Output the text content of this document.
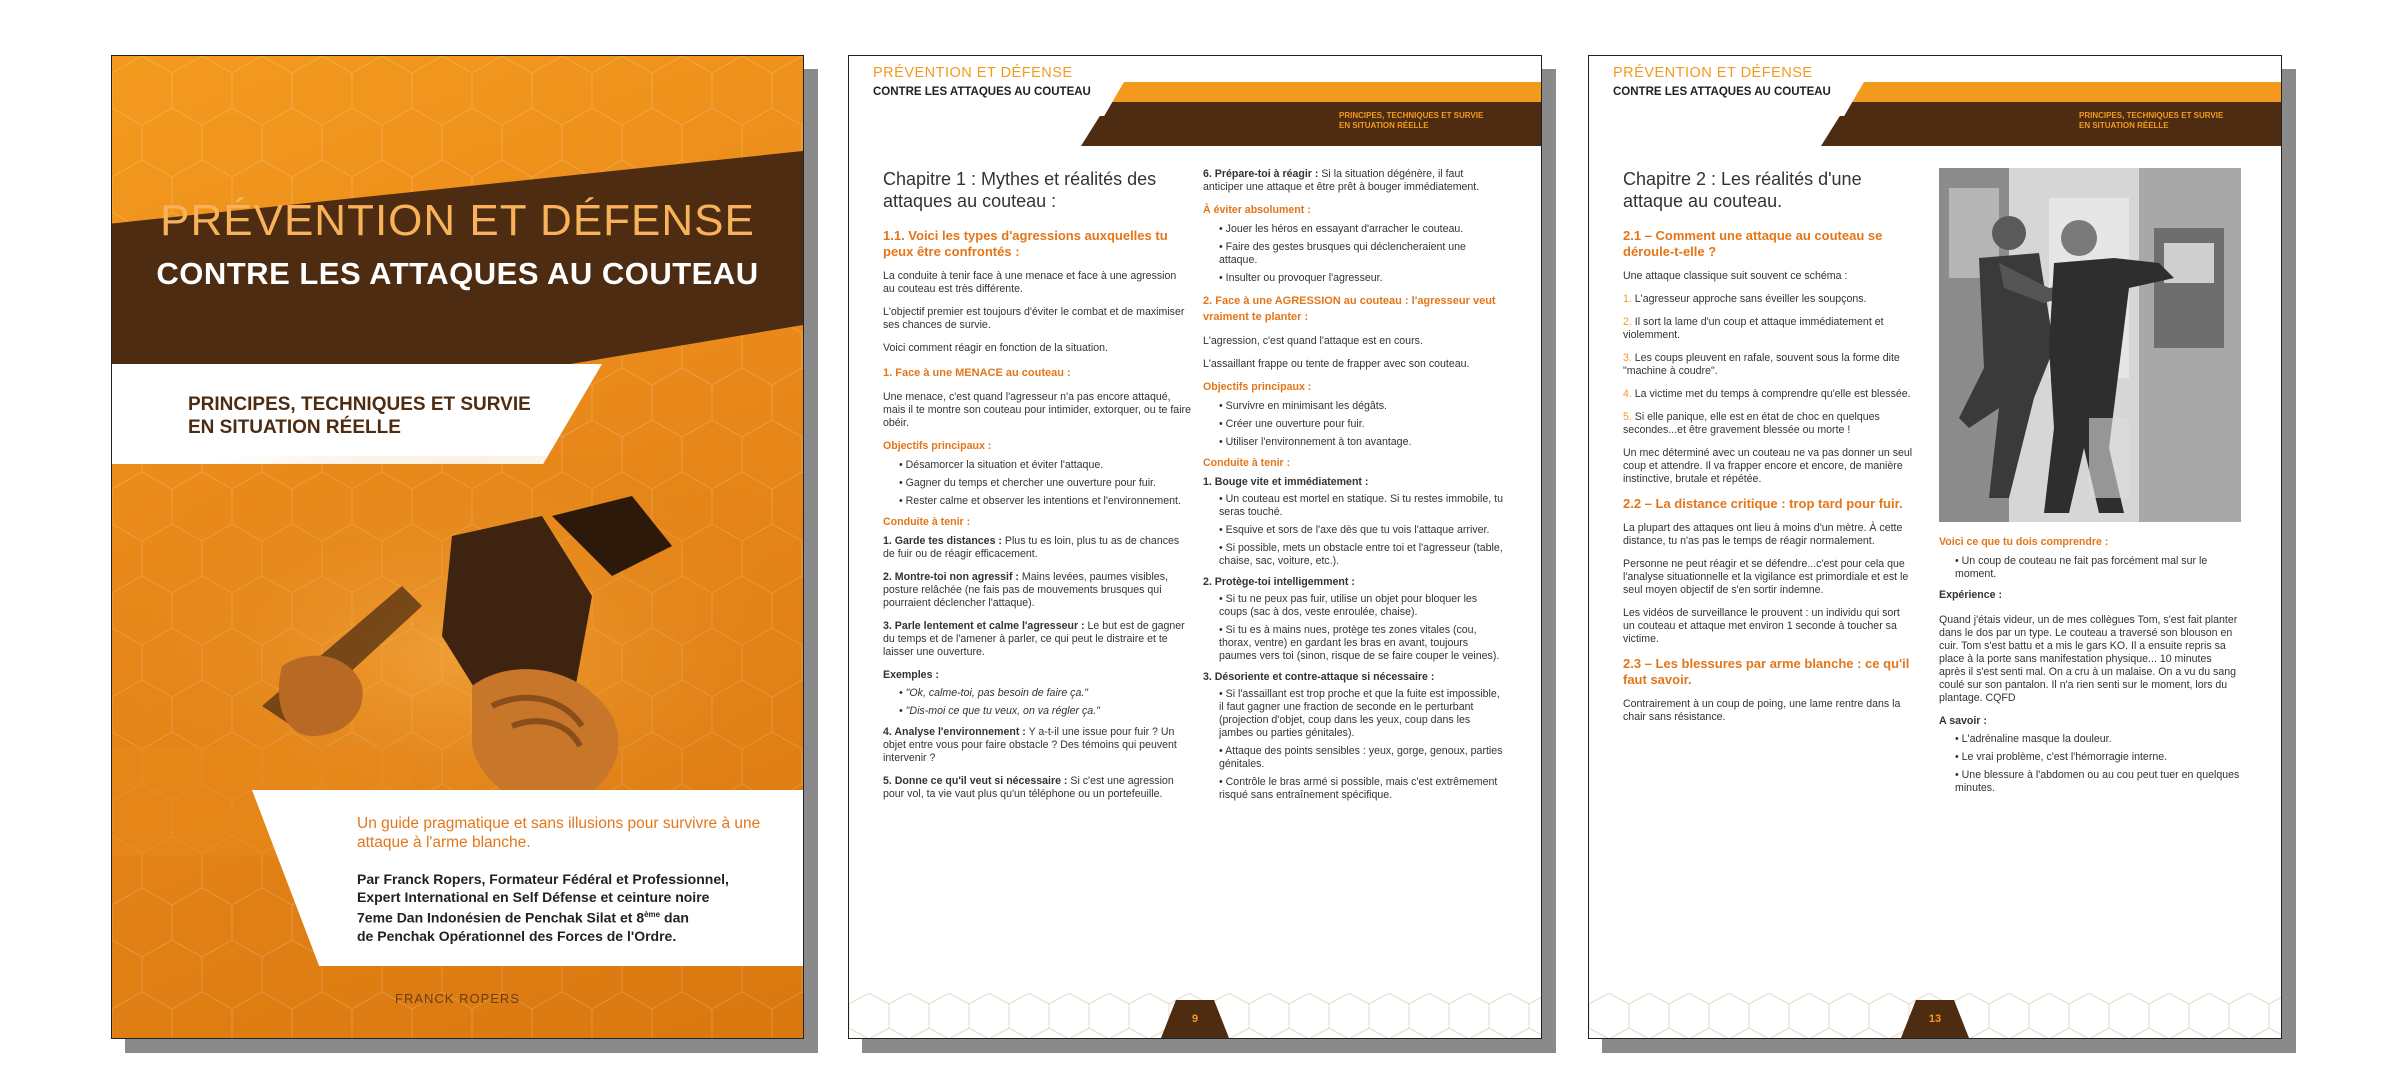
PRÉVENTION ET DÉFENSE
CONTRE LES ATTAQUES AU COUTEAU
PRINCIPES, TECHNIQUES ET SURVIE
EN SITUATION RÉELLE
Un guide pragmatique et sans illusions pour survivre à une attaque à l'arme blanche.
Par Franck Ropers, Formateur Fédéral et Professionnel,
Expert International en Self Défense et ceinture noire
7eme Dan Indonésien de Penchak Silat et 8ème dan
de Penchak Opérationnel des Forces de l'Ordre.
FRANCK ROPERS
PRÉVENTION ET DÉFENSE
CONTRE LES ATTAQUES AU COUTEAU
PRINCIPES, TECHNIQUES ET SURVIE
EN SITUATION RÉELLE
Chapitre 1 : Mythes et réalités des attaques au couteau :
1.1. Voici les types d'agressions auxquelles tu peux être confrontés :

La conduite à tenir face à une menace et face à une agression au couteau est très différente.

L'objectif premier est toujours d'éviter le combat et de maximiser ses chances de survie.

Voici comment réagir en fonction de la situation.

1. Face à une MENACE au couteau :

Une menace, c'est quand l'agresseur n'a pas encore attaqué, mais il te montre son couteau pour intimider, extorquer, ou te faire obéir.

Objectifs principaux :
• Désamorcer la situation et éviter l'attaque.
• Gagner du temps et chercher une ouverture pour fuir.
• Rester calme et observer les intentions et l'environnement.
Conduite à tenir :

1. Garde tes distances : Plus tu es loin, plus tu as de chances de fuir ou de réagir efficacement.

2. Montre-toi non agressif : Mains levées, paumes visibles, posture relâchée (ne fais pas de mouvements brusques qui pourraient déclencher l'attaque).

3. Parle lentement et calme l'agresseur : Le but est de gagner du temps et de l'amener à parler, ce qui peut le distraire et te laisser une ouverture.

Exemples :
• "Ok, calme-toi, pas besoin de faire ça."
• "Dis-moi ce que tu veux, on va régler ça."

4. Analyse l'environnement : Y a-t-il une issue pour fuir ? Un objet entre vous pour faire obstacle ? Des témoins qui peuvent intervenir ?

5. Donne ce qu'il veut si nécessaire : Si c'est une agression pour vol, ta vie vaut plus qu'un téléphone ou un portefeuille.

6. Prépare-toi à réagir : Si la situation dégénère, il faut anticiper une attaque et être prêt à bouger immédiatement.

À éviter absolument :
• Jouer les héros en essayant d'arracher le couteau.
• Faire des gestes brusques qui déclencheraient une attaque.
• Insulter ou provoquer l'agresseur.
2. Face à une AGRESSION au couteau : l'agresseur veut vraiment te planter :

L'agression, c'est quand l'attaque est en cours.

L'assaillant frappe ou tente de frapper avec son couteau.

Objectifs principaux :
• Survivre en minimisant les dégâts.
• Créer une ouverture pour fuir.
• Utiliser l'environnement à ton avantage.
Conduite à tenir :
1. Bouge vite et immédiatement :
• Un couteau est mortel en statique. Si tu restes immobile, tu seras touché.
• Esquive et sors de l'axe dès que tu vois l'attaque arriver.
• Si possible, mets un obstacle entre toi et l'agresseur (table, chaise, sac, voiture, etc.).
2. Protège-toi intelligemment :
• Si tu ne peux pas fuir, utilise un objet pour bloquer les coups (sac à dos, veste enroulée, chaise).
• Si tu es à mains nues, protège tes zones vitales (cou, thorax, ventre) en gardant les bras en avant, toujours paumes vers toi (sinon, risque de se faire couper le veines).
3. Désoriente et contre-attaque si nécessaire :
• Si l'assaillant est trop proche et que la fuite est impossible, il faut gagner une fraction de seconde en le perturbant (projection d'objet, coup dans les yeux, coup dans les jambes ou parties génitales).
• Attaque des points sensibles : yeux, gorge, genoux, parties génitales.
• Contrôle le bras armé si possible, mais c'est extrêmement risqué sans entraînement spécifique.
9
PRÉVENTION ET DÉFENSE
CONTRE LES ATTAQUES AU COUTEAU
PRINCIPES, TECHNIQUES ET SURVIE
EN SITUATION RÉELLE
Chapitre 2 : Les réalités d'une attaque au couteau.
2.1 – Comment une attaque au couteau se déroule-t-elle ?

Une attaque classique suit souvent ce schéma :

1. L'agresseur approche sans éveiller les soupçons.

2. Il sort la lame d'un coup et attaque immédiatement et violemment.

3. Les coups pleuvent en rafale, souvent sous la forme dite "machine à coudre".

4. La victime met du temps à comprendre qu'elle est blessée.

5. Si elle panique, elle est en état de choc en quelques secondes...et être gravement blessée ou morte !

Un mec déterminé avec un couteau ne va pas donner un seul coup et attendre. Il va frapper encore et encore, de manière instinctive, brutale et répétée.

2.2 – La distance critique : trop tard pour fuir.

La plupart des attaques ont lieu à moins d'un mètre. À cette distance, tu n'as pas le temps de réagir normalement.

Personne ne peut réagir et se défendre...c'est pour cela que l'analyse situationnelle et la vigilance est primordiale et est le seul moyen objectif de s'en sortir indemne.

Les vidéos de surveillance le prouvent : un individu qui sort un couteau et attaque met environ 1 seconde à toucher sa victime.

2.3 – Les blessures par arme blanche : ce qu'il faut savoir.

Contrairement à un coup de poing, une lame rentre dans la chair sans résistance.

Voici ce que tu dois comprendre :
• Un coup de couteau ne fait pas forcément mal sur le moment.
Expérience :

Quand j'étais videur, un de mes collègues Tom, s'est fait planter dans le dos par un type. Le couteau a traversé son blouson en cuir. Tom s'est battu et a mis le gars KO. Il a ensuite repris sa place à la porte sans manifestation physique... 10 minutes après il s'est senti mal. On a cru à un malaise. On a vu du sang coulé sur son pantalon. Il n'a rien senti sur le moment, lors du plantage. CQFD

A savoir :
• L'adrénaline masque la douleur.
• Le vrai problème, c'est l'hémorragie interne.
• Une blessure à l'abdomen ou au cou peut tuer en quelques minutes.
13
